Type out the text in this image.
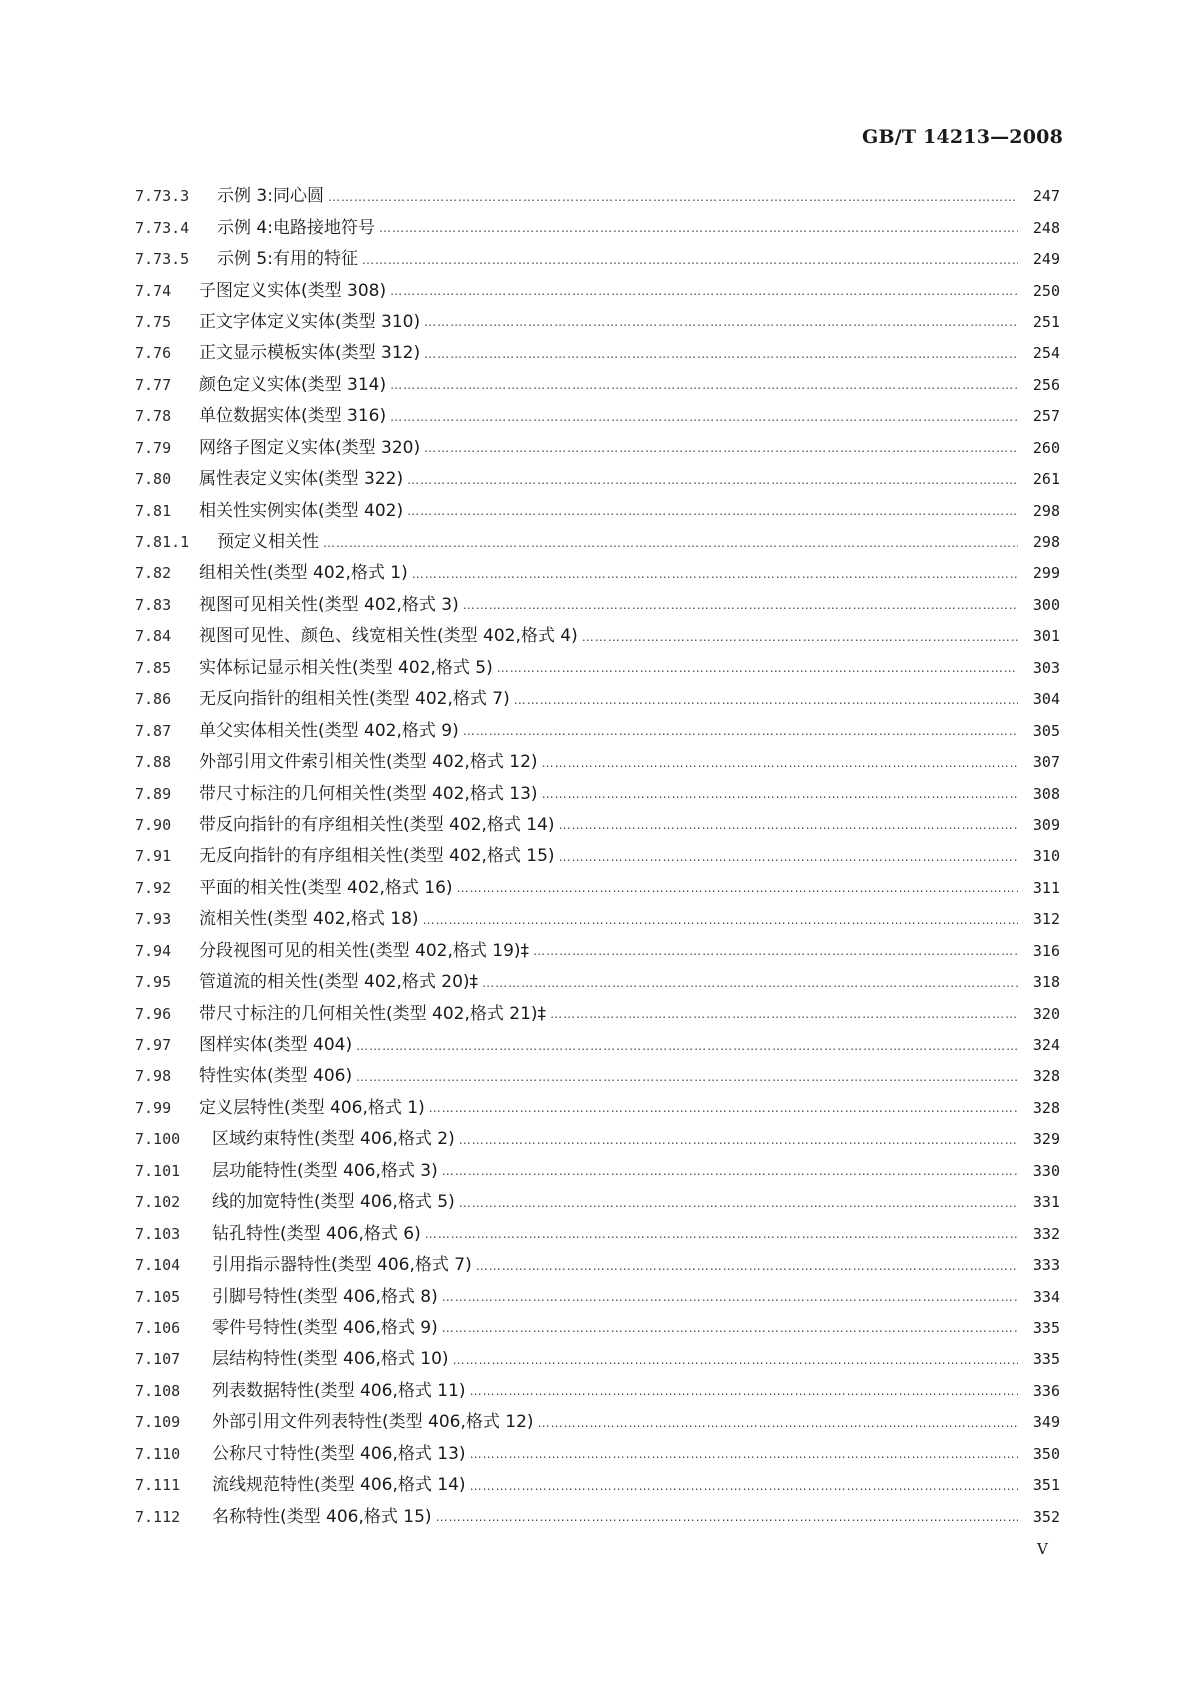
GB/T 14213—2008
7.73.3	示例 3:同心圆 …………………………………………………………………………………………………………………………………………………………………………………	247
7.73.4	示例 4:电路接地符号 …………………………………………………………………………………………………………………………………………………………………………………	248
7.73.5	示例 5:有用的特征 …………………………………………………………………………………………………………………………………………………………………………………	249
7.74	子图定义实体(类型 308) …………………………………………………………………………………………………………………………………………………………………………………	250
7.75	正文字体定义实体(类型 310) …………………………………………………………………………………………………………………………………………………………………………………	251
7.76	正文显示模板实体(类型 312) …………………………………………………………………………………………………………………………………………………………………………………	254
7.77	颜色定义实体(类型 314) …………………………………………………………………………………………………………………………………………………………………………………	256
7.78	单位数据实体(类型 316) …………………………………………………………………………………………………………………………………………………………………………………	257
7.79	网络子图定义实体(类型 320) …………………………………………………………………………………………………………………………………………………………………………………	260
7.80	属性表定义实体(类型 322) …………………………………………………………………………………………………………………………………………………………………………………	261
7.81	相关性实例实体(类型 402) …………………………………………………………………………………………………………………………………………………………………………………	298
7.81.1	预定义相关性 …………………………………………………………………………………………………………………………………………………………………………………	298
7.82	组相关性(类型 402,格式 1) …………………………………………………………………………………………………………………………………………………………………………………	299
7.83	视图可见相关性(类型 402,格式 3) …………………………………………………………………………………………………………………………………………………………………………………	300
7.84	视图可见性、颜色、线宽相关性(类型 402,格式 4) …………………………………………………………………………………………………………………………………………………………………………………	301
7.85	实体标记显示相关性(类型 402,格式 5) …………………………………………………………………………………………………………………………………………………………………………………	303
7.86	无反向指针的组相关性(类型 402,格式 7) …………………………………………………………………………………………………………………………………………………………………………………	304
7.87	单父实体相关性(类型 402,格式 9) …………………………………………………………………………………………………………………………………………………………………………………	305
7.88	外部引用文件索引相关性(类型 402,格式 12) …………………………………………………………………………………………………………………………………………………………………………………	307
7.89	带尺寸标注的几何相关性(类型 402,格式 13) …………………………………………………………………………………………………………………………………………………………………………………	308
7.90	带反向指针的有序组相关性(类型 402,格式 14) …………………………………………………………………………………………………………………………………………………………………………………	309
7.91	无反向指针的有序组相关性(类型 402,格式 15) …………………………………………………………………………………………………………………………………………………………………………………	310
7.92	平面的相关性(类型 402,格式 16) …………………………………………………………………………………………………………………………………………………………………………………	311
7.93	流相关性(类型 402,格式 18) …………………………………………………………………………………………………………………………………………………………………………………	312
7.94	分段视图可见的相关性(类型 402,格式 19)‡ …………………………………………………………………………………………………………………………………………………………………………………	316
7.95	管道流的相关性(类型 402,格式 20)‡ …………………………………………………………………………………………………………………………………………………………………………………	318
7.96	带尺寸标注的几何相关性(类型 402,格式 21)‡ …………………………………………………………………………………………………………………………………………………………………………………	320
7.97	图样实体(类型 404) …………………………………………………………………………………………………………………………………………………………………………………	324
7.98	特性实体(类型 406) …………………………………………………………………………………………………………………………………………………………………………………	328
7.99	定义层特性(类型 406,格式 1) …………………………………………………………………………………………………………………………………………………………………………………	328
7.100	区域约束特性(类型 406,格式 2) …………………………………………………………………………………………………………………………………………………………………………………	329
7.101	层功能特性(类型 406,格式 3) …………………………………………………………………………………………………………………………………………………………………………………	330
7.102	线的加宽特性(类型 406,格式 5) …………………………………………………………………………………………………………………………………………………………………………………	331
7.103	钻孔特性(类型 406,格式 6) …………………………………………………………………………………………………………………………………………………………………………………	332
7.104	引用指示器特性(类型 406,格式 7) …………………………………………………………………………………………………………………………………………………………………………………	333
7.105	引脚号特性(类型 406,格式 8) …………………………………………………………………………………………………………………………………………………………………………………	334
7.106	零件号特性(类型 406,格式 9) …………………………………………………………………………………………………………………………………………………………………………………	335
7.107	层结构特性(类型 406,格式 10) …………………………………………………………………………………………………………………………………………………………………………………	335
7.108	列表数据特性(类型 406,格式 11) …………………………………………………………………………………………………………………………………………………………………………………	336
7.109	外部引用文件列表特性(类型 406,格式 12) …………………………………………………………………………………………………………………………………………………………………………………	349
7.110	公称尺寸特性(类型 406,格式 13) …………………………………………………………………………………………………………………………………………………………………………………	350
7.111	流线规范特性(类型 406,格式 14) …………………………………………………………………………………………………………………………………………………………………………………	351
7.112	名称特性(类型 406,格式 15) …………………………………………………………………………………………………………………………………………………………………………………	352
V
